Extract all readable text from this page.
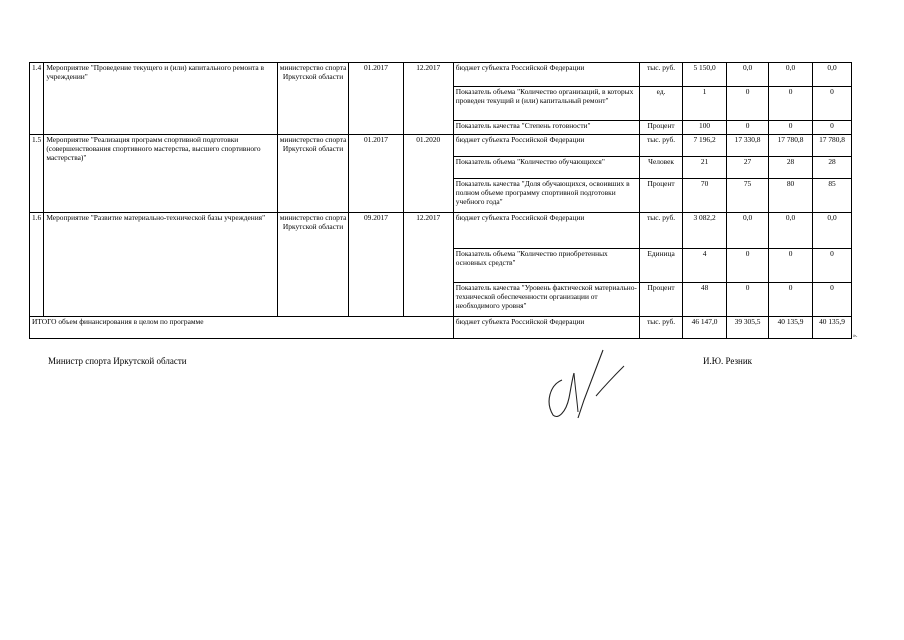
1.4	Мероприятие "Проведение текущего и (или) капитального ремонта в учреждении"	министерство спорта Иркутской области	01.2017	12.2017	бюджет субъекта Российской Федерации	тыс. руб.	5 150,0	0,0	0,0	0,0
					Показатель объема "Количество организаций, в которых проведен текущий и (или) капитальный ремонт"	ед.	1	0	0	0
					Показатель качества "Степень готовности"	Процент	100	0	0	0
1.5	Мероприятие "Реализация программ спортивной подготовки (совершенствования спортивного мастерства, высшего спортивного мастерства)"	министерство спорта Иркутской области	01.2017	01.2020	бюджет субъекта Российской Федерации	тыс. руб.	7 196,2	17 330,8	17 780,8	17 780,8
					Показатель объема "Количество обучающихся"	Человек	21	27	28	28
					Показатель качества "Доля обучающихся, освоивших в полном объеме программу спортивной подготовки учебного года"	Процент	70	75	80	85
1.6	Мероприятие "Развитие материально-технической базы учреждения"	министерство спорта Иркутской области	09.2017	12.2017	бюджет субъекта Российской Федерации	тыс. руб.	3 082,2	0,0	0,0	0,0
					Показатель объема "Количество приобретенных основных средств"	Единица	4	0	0	0
					Показатель качества "Уровень фактической материально-технической обеспеченности организации от необходимого уровня"	Процент	48	0	0	0
ИТОГО объем финансирования в целом по программе					бюджет субъекта Российской Федерации	тыс. руб.	46 147,0	39 305,5	40 135,9	40 135,9
».
Министр спорта Иркутской области	И.Ю. Резник
